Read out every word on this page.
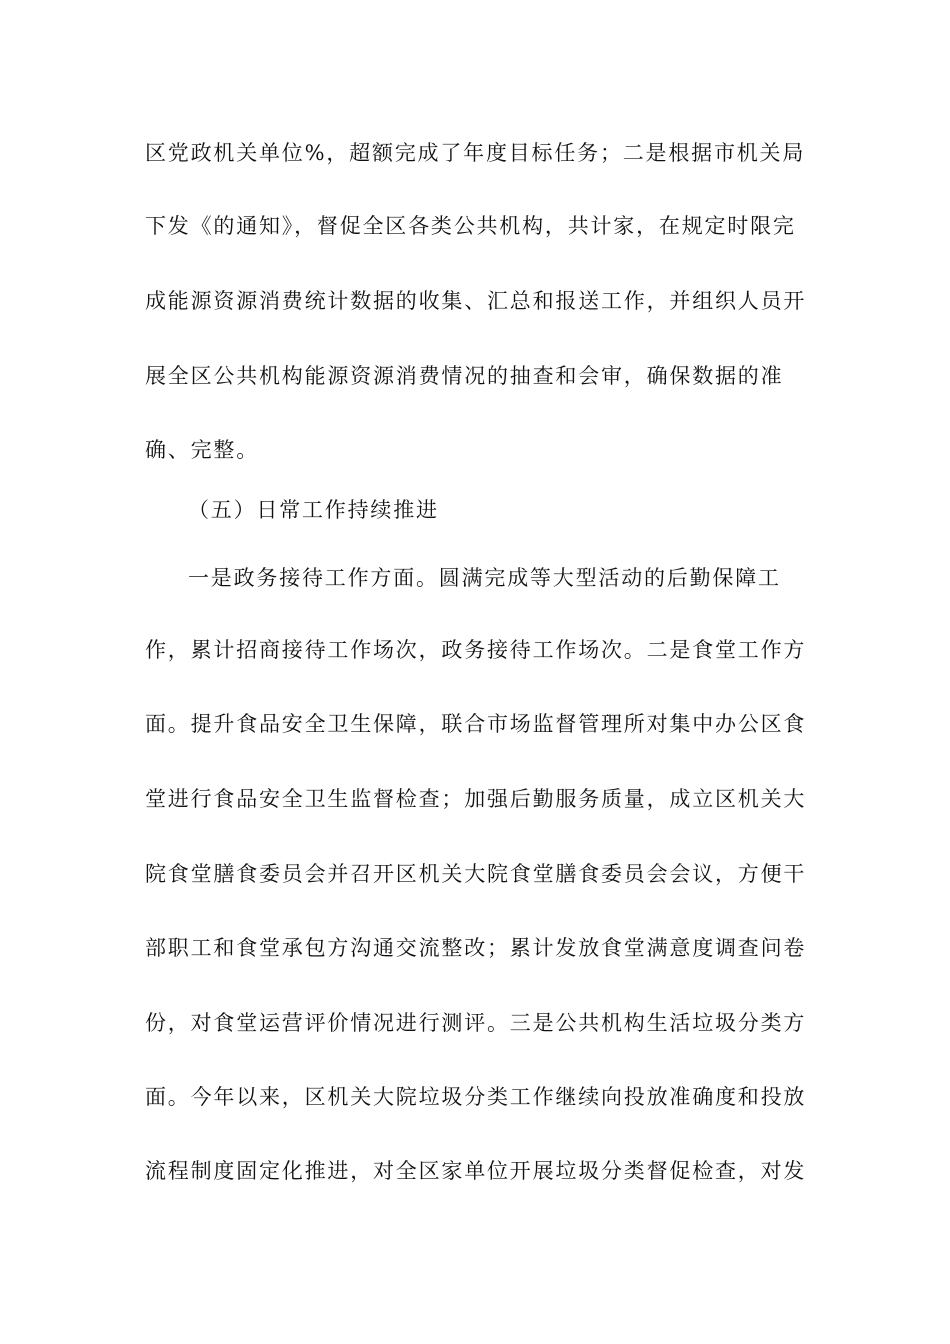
区党政机关单位%，超额完成了年度目标任务；二是根据市机关局
下发《的通知》，督促全区各类公共机构，共计家，在规定时限完
成能源资源消费统计数据的收集、汇总和报送工作，并组织人员开
展全区公共机构能源资源消费情况的抽查和会审，确保数据的准
确、完整。
（五）日常工作持续推进
一是政务接待工作方面。圆满完成等大型活动的后勤保障工
作，累计招商接待工作场次，政务接待工作场次。二是食堂工作方
面。提升食品安全卫生保障，联合市场监督管理所对集中办公区食
堂进行食品安全卫生监督检查；加强后勤服务质量，成立区机关大
院食堂膳食委员会并召开区机关大院食堂膳食委员会会议，方便干
部职工和食堂承包方沟通交流整改；累计发放食堂满意度调查问卷
份，对食堂运营评价情况进行测评。三是公共机构生活垃圾分类方
面。今年以来，区机关大院垃圾分类工作继续向投放准确度和投放
流程制度固定化推进，对全区家单位开展垃圾分类督促检查，对发
